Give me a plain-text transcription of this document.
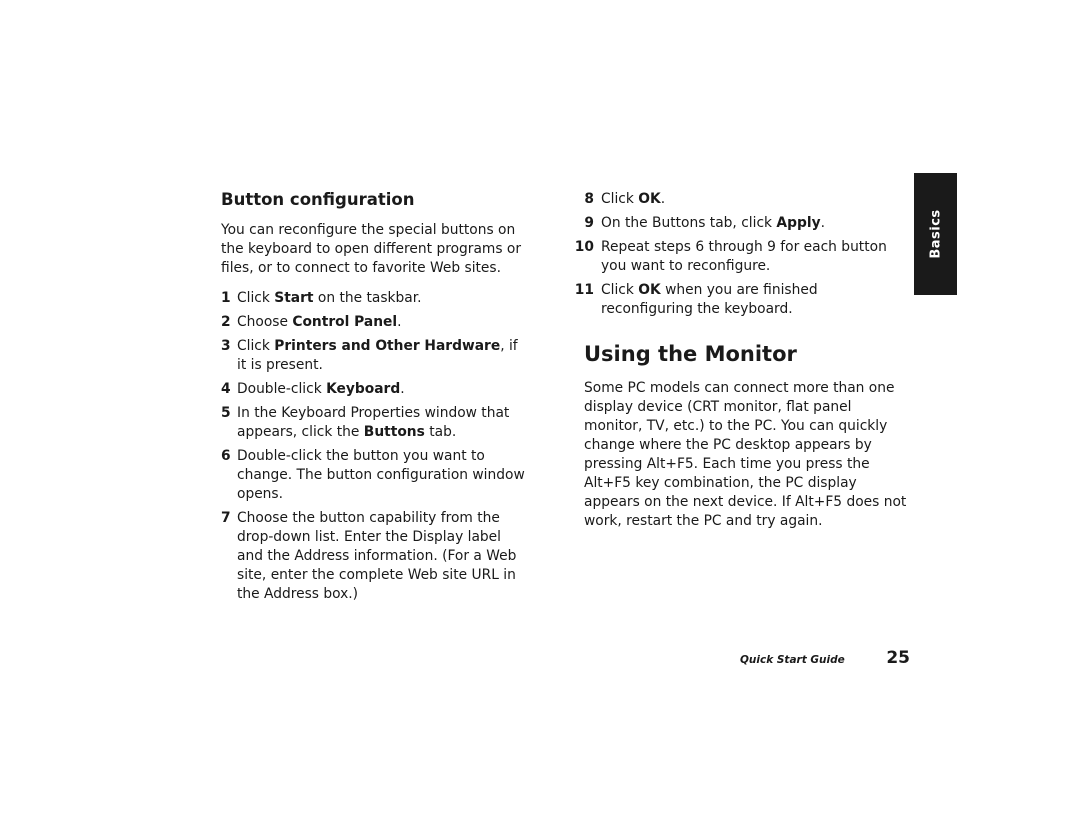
Button configuration

You can reconfigure the special buttons on the keyboard to open different programs or files, or to connect to favorite Web sites.

1 Click Start on the taskbar.
2 Choose Control Panel.
3 Click Printers and Other Hardware, if it is present.
4 Double-click Keyboard.
5 In the Keyboard Properties window that appears, click the Buttons tab.
6 Double-click the button you want to change. The button configuration window opens.
7 Choose the button capability from the drop-down list. Enter the Display label and the Address information. (For a Web site, enter the complete Web site URL in the Address box.)
8 Click OK.
9 On the Buttons tab, click Apply.
10 Repeat steps 6 through 9 for each button you want to reconfigure.
11 Click OK when you are finished reconfiguring the keyboard.
Using the Monitor

Some PC models can connect more than one display device (CRT monitor, flat panel monitor, TV, etc.) to the PC. You can quickly change where the PC desktop appears by pressing Alt+F5. Each time you press the Alt+F5 key combination, the PC display appears on the next device. If Alt+F5 does not work, restart the PC and try again.

Basics
Quick Start Guide 25
